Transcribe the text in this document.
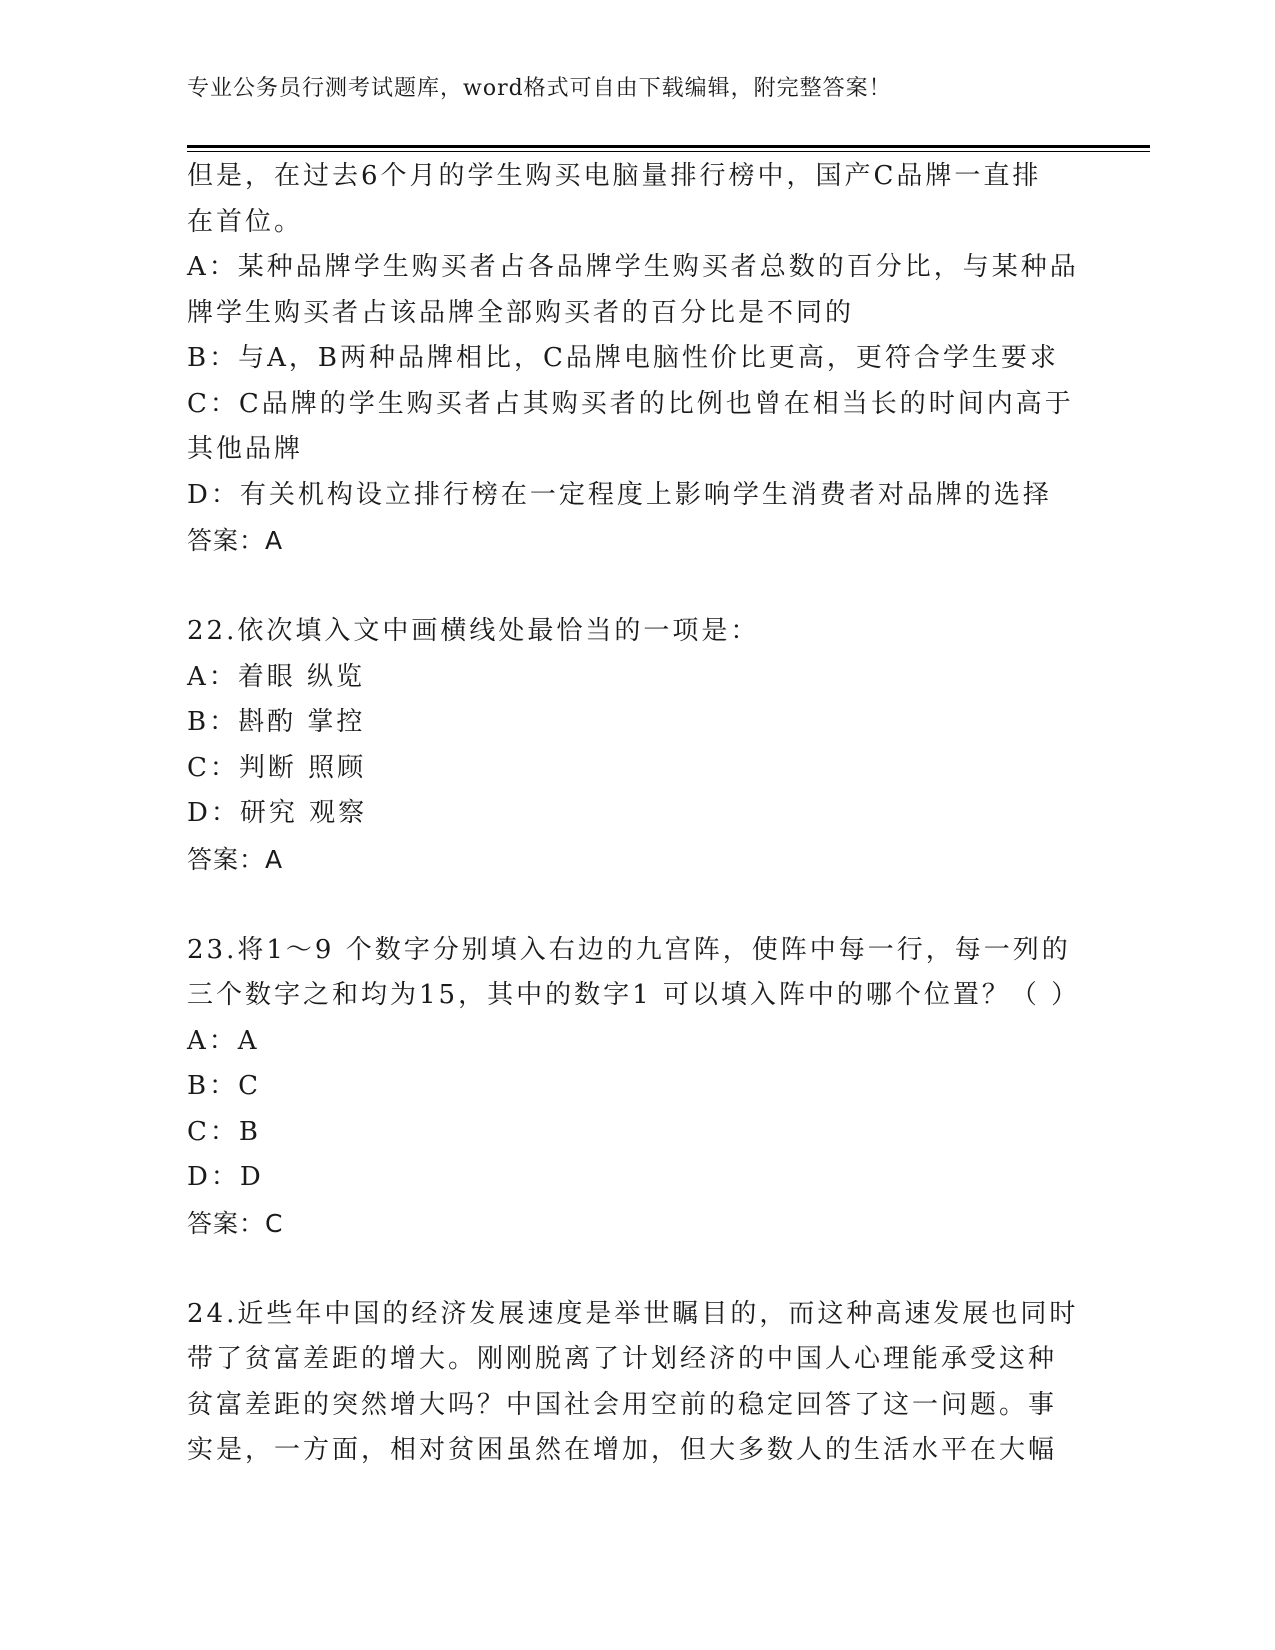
专业公务员行测考试题库，word格式可自由下载编辑，附完整答案！
但是，在过去6个月的学生购买电脑量排行榜中，国产C品牌一直排
在首位。
A：某种品牌学生购买者占各品牌学生购买者总数的百分比，与某种品
牌学生购买者占该品牌全部购买者的百分比是不同的
B：与A，B两种品牌相比，C品牌电脑性价比更高，更符合学生要求
C：C品牌的学生购买者占其购买者的比例也曾在相当长的时间内高于
其他品牌
D：有关机构设立排行榜在一定程度上影响学生消费者对品牌的选择
答案：A
22.依次填入文中画横线处最恰当的一项是：
A：着眼 纵览
B：斟酌 掌控
C：判断 照顾
D：研究 观察
答案：A
23.将1～9 个数字分别填入右边的九宫阵，使阵中每一行，每一列的
三个数字之和均为15，其中的数字1 可以填入阵中的哪个位置？（ ）
A：A
B：C
C：B
D：D
答案：C
24.近些年中国的经济发展速度是举世瞩目的，而这种高速发展也同时
带了贫富差距的增大。刚刚脱离了计划经济的中国人心理能承受这种
贫富差距的突然增大吗？中国社会用空前的稳定回答了这一问题。事
实是，一方面，相对贫困虽然在增加，但大多数人的生活水平在大幅
